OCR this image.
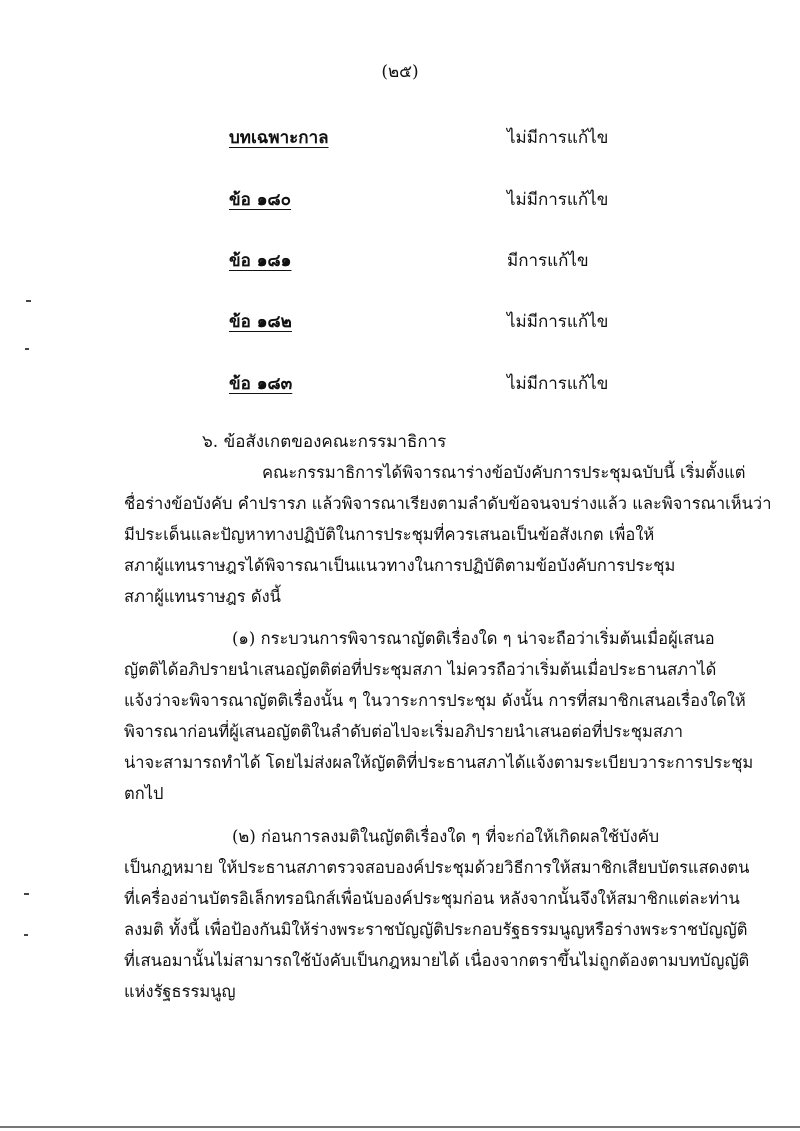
(๒๕)
บทเฉพาะกาล	ไม่มีการแก้ไข
ข้อ ๑๘๐	ไม่มีการแก้ไข
ข้อ ๑๘๑	มีการแก้ไข
ข้อ ๑๘๒	ไม่มีการแก้ไข
ข้อ ๑๘๓	ไม่มีการแก้ไข
๖. ข้อสังเกตของคณะกรรมาธิการ
คณะกรรมาธิการได้พิจารณาร่างข้อบังคับการประชุมฉบับนี้ เริ่มตั้งแต่
ชื่อร่างข้อบังคับ คำปรารภ แล้วพิจารณาเรียงตามลำดับข้อจนจบร่างแล้ว และพิจารณาเห็นว่า
มีประเด็นและปัญหาทางปฏิบัติในการประชุมที่ควรเสนอเป็นข้อสังเกต เพื่อให้
สภาผู้แทนราษฎรได้พิจารณาเป็นแนวทางในการปฏิบัติตามข้อบังคับการประชุม
สภาผู้แทนราษฎร ดังนี้
(๑) กระบวนการพิจารณาญัตติเรื่องใด ๆ น่าจะถือว่าเริ่มต้นเมื่อผู้เสนอ
ญัตติได้อภิปรายนำเสนอญัตติต่อที่ประชุมสภา ไม่ควรถือว่าเริ่มต้นเมื่อประธานสภาได้
แจ้งว่าจะพิจารณาญัตติเรื่องนั้น ๆ ในวาระการประชุม ดังนั้น การที่สมาชิกเสนอเรื่องใดให้
พิจารณาก่อนที่ผู้เสนอญัตติในลำดับต่อไปจะเริ่มอภิปรายนำเสนอต่อที่ประชุมสภา
น่าจะสามารถทำได้ โดยไม่ส่งผลให้ญัตติที่ประธานสภาได้แจ้งตามระเบียบวาระการประชุม
ตกไป
(๒) ก่อนการลงมติในญัตติเรื่องใด ๆ ที่จะก่อให้เกิดผลใช้บังคับ
เป็นกฎหมาย ให้ประธานสภาตรวจสอบองค์ประชุมด้วยวิธีการให้สมาชิกเสียบบัตรแสดงตน
ที่เครื่องอ่านบัตรอิเล็กทรอนิกส์เพื่อนับองค์ประชุมก่อน หลังจากนั้นจึงให้สมาชิกแต่ละท่าน
ลงมติ ทั้งนี้ เพื่อป้องกันมิให้ร่างพระราชบัญญัติประกอบรัฐธรรมนูญหรือร่างพระราชบัญญัติ
ที่เสนอมานั้นไม่สามารถใช้บังคับเป็นกฎหมายได้ เนื่องจากตราขึ้นไม่ถูกต้องตามบทบัญญัติ
แห่งรัฐธรรมนูญ
